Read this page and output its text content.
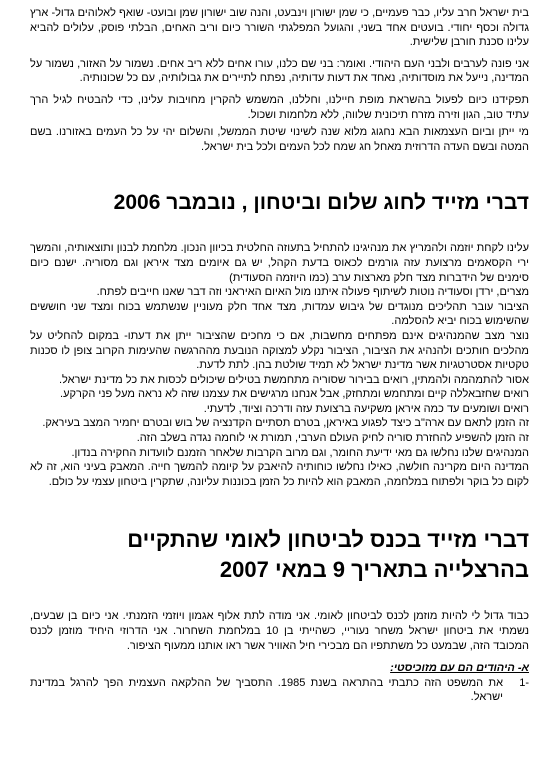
בית ישראל חרב עליו, כבר פעמיים, כי שמן ישורון וינבעט, והנה שוב ישורון שמן ובועט- שואף לאלוהים גדול- ארץ גדולה וכסף יחודי. בועטים אחד בשני, והגועל המפלגתי השורר כיום וריב האחים, הבלתי פוסק, עלולים להביא עלינו סכנת חורבן שלישית.

אני פונה לערבים ולבני העם היהודי. ואומר: בני שם כלנו, עורו אחים ללא ריב אחים. נשמור על האזור, נשמור על המדינה, נייעל את מוסדותיה, נאחד את דעות עדותיה, נפתח לתיירים את גבולותיה, עם כל שכונותיה.

תפקידנו כיום לפעול בהשראת מופת חיילנו, וחללנו, המשמש להקרין מחויבות עלינו, כדי להבטיח לגיל הרך עתיד טוב, הגון וזירה מזרח תיכונית שלווה, ללא מלחמות ושכול.

מי ייתן וביום העצמאות הבא נחגוג מלוא שנה לשינוי שיטת הממשל, והשלום יהי על כל העמים באזורנו. בשם המטה ובשם העדה הדרוזית מאחל חג שמח לכל העמים ולכל בית ישראל.

דברי מזייד לחוג שלום וביטחון , נובמבר 2006

עלינו לקחת יוזמה ולהמריץ את מנהיגינו להתחיל בתעוזה החלטית בכיוון הנכון. מלחמת לבנון ותוצאותיה, והמשך ירי הקסאמים מרצועת עזה גורמים לכאוס בדעת הקהל, יש גם איומים מצד איראן וגם מסוריה. ישנם כיום סימנים של הידברות מצד חלק מארצות ערב (כמו היוזמה הסעודית)

מצרים, ירדן וסעודיה נוטות לשיתוף פעולה איתנו מול האיום האיראני וזה דבר שאנו חייבים לפתח.

הציבור עובר תהליכים מנוגדים של גיבוש עמדות, מצד אחד חלק מעוניין שנשתמש בכוח ומצד שני חוששים שהשימוש בכוח יביא להסלמה.

נוצר מצב שהמנהיגים אינם מפתחים מחשבות, אם כי מחכים שהציבור ייתן את דעתו- במקום להחליט על מהלכים חותכים ולהנהיג את הציבור, הציבור נקלע למצוקה הנובעת מההרגשה שהעימות הקרוב צופן לו סכנות טקטיות אסטרטגיות אשר מדינת ישראל לא תמיד שולטת בהן. לתת לדעת.

אסור להתמהמה ולהמתין, רואים בבירור שסוריה מתחמשת בטילים שיכולים לכסות את כל מדינת ישראל.

רואים שחזבאללה קיים ומתחמש ומתחזק, אבל אנחנו מרגישים את עצמנו שזה לא נראה מעל פני הקרקע.

רואים ושומעים עד כמה איראן משקיעה ברצועת עזה ודרכה וציוד, לדעתי.

זה הזמן לתאם עם ארה"ב כיצד לפגוע באיראן, בטרם תסתיים הקדנציה של בוש ובטרם יחמיר המצב בעיראק.

זה הזמן להשפיע להחזרת סוריה לחיק העולם הערבי, תמורת אי לוחמה נגדה בשלב הזה.

המנהיגים שלנו נחלשו גם מאי ידיעת החומר, וגם מרוב הקרבות שלאחר הזמנם לוועדות החקירה בנדון.

המדינה היום מקרינה חולשה, כאילו נחלשו כוחותיה להיאבק על קיומה להמשך חייה. המאבק בעיני הוא, זה לא לקום כל בוקר ולפתוח במלחמה, המאבק הוא להיות כל הזמן בכוננות עליונה, שתקרין ביטחון עצמי על כולם.

דברי מזייד בכנס לביטחון לאומי שהתקיים בהרצלייה בתאריך 9 במאי 2007

כבוד גדול לי להיות מוזמן לכנס לביטחון לאומי. אני מודה לתת אלוף אגמון ויוזמי הזמנתי. אני כיום בן שבעים, נשמתי את ביטחון ישראל משחר נעוריי, כשהייתי בן 10 במלחמת השחרור. אני הדרוזי היחיד מוזמן לכנס המכובד הזה, שבמעט כל משתתפיו הם מבכירי חיל האוויר אשר ראו אותנו ממעוף הציפור.

א- היהודים הם עם מזוכיסטי:
-1
את המשפט הזה כתבתי בהתראה בשנת 1985. התסביך של ההלקאה העצמית הפך להרגל במדינת ישראל.
